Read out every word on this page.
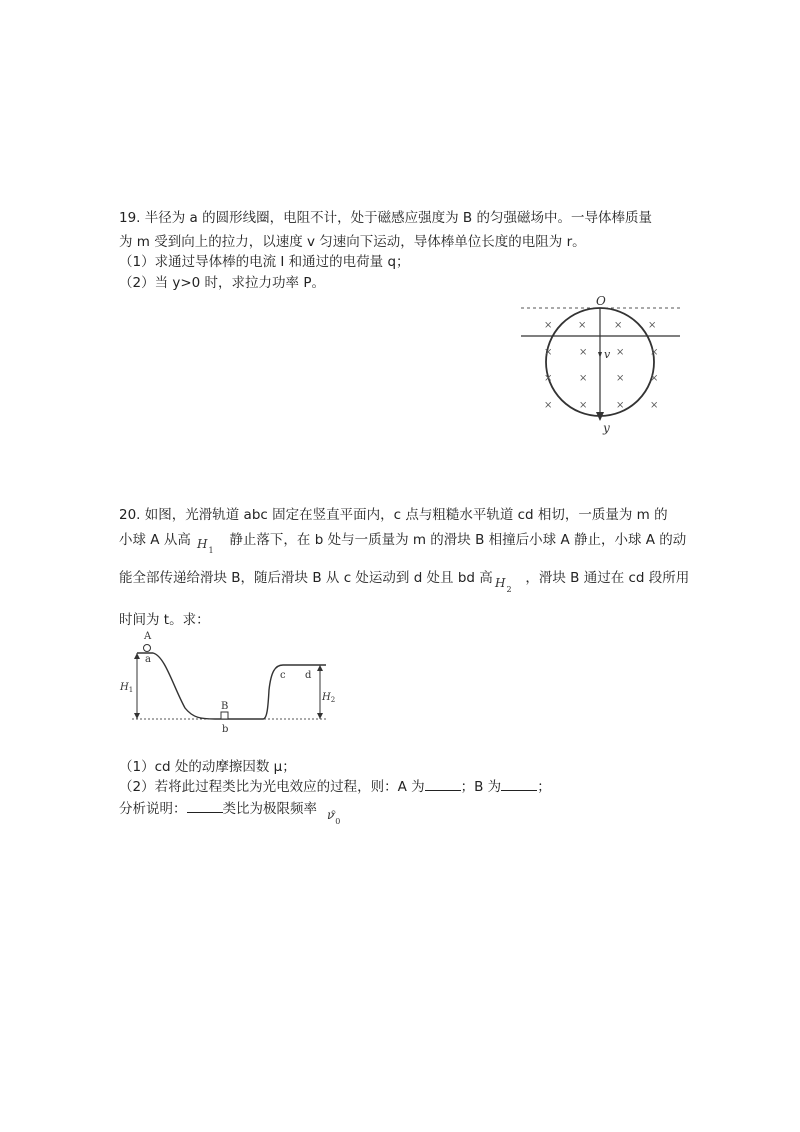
19. 半径为 a 的圆形线圈，电阻不计，处于磁感应强度为 B 的匀强磁场中。一导体棒质量
为 m 受到向上的拉力，以速度 v 匀速向下运动，导体棒单位长度的电阻为 r。
（1）求通过导体棒的电流 I 和通过的电荷量 q；
（2）当 y>0 时，求拉力功率 P。
O
v
y
×	×	×	×
×	×	×	×
×	×	×	×
×	×	×	×
20. 如图，光滑轨道 abc 固定在竖直平面内，c 点与粗糙水平轨道 cd 相切，一质量为 m 的
小球 A 从高	静止落下，在 b 处与一质量为 m 的滑块 B 相撞后小球 A 静止，小球 A 的动
$H_1$
能全部传递给滑块 B，随后滑块 B 从 c 处运动到 d 处且 bd 高 ，滑块 B 通过在 cd 段所用
$H_2$
时间为 t。求：
A
a
B
b
c d
$H_1$
$H_2$
（1）cd 处的动摩擦因数 μ；
（2）若将此过程类比为光电效应的过程，则：A 为	；B 为	；
分析说明：	类比为极限频率 。
$\nu_0$
